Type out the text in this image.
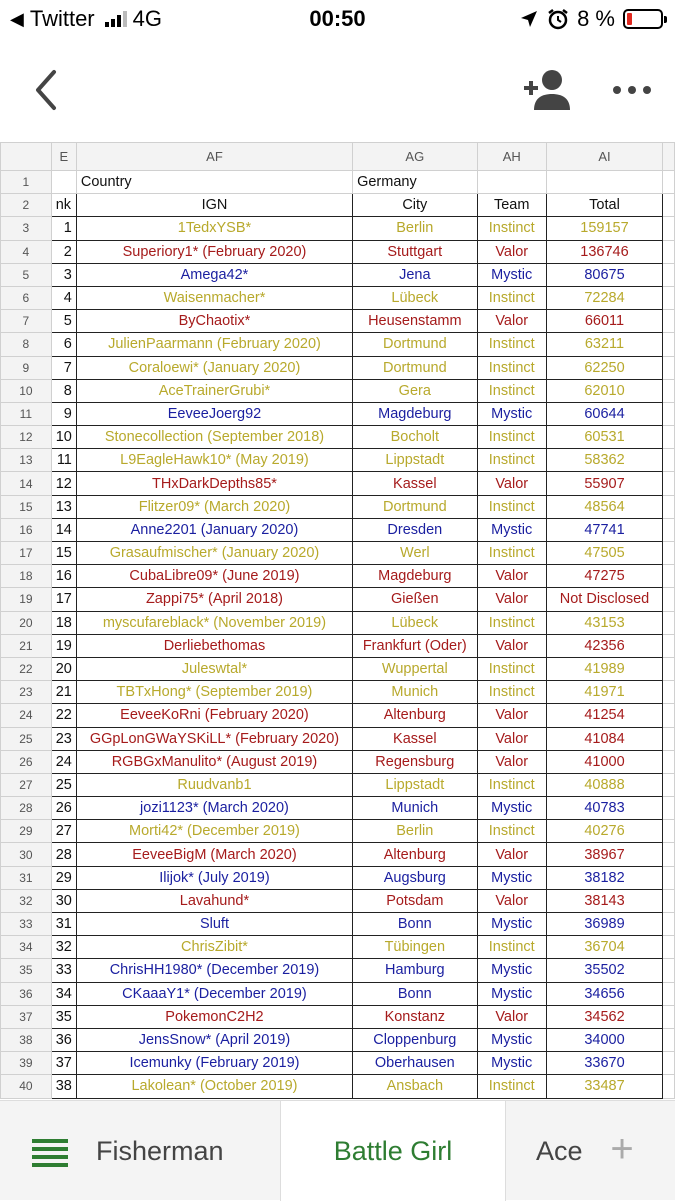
◀ Twitter 4G	00:50	8 %
	E	AF	AG	AH	AI	
1		Country	Germany			
2	nk	IGN	City	Team	Total	
3	1	1TedxYSB*	Berlin	Instinct	159157	
4	2	Superiory1* (February 2020)	Stuttgart	Valor	136746	
5	3	Amega42*	Jena	Mystic	80675	
6	4	Waisenmacher*	Lübeck	Instinct	72284	
7	5	ByChaotix*	Heusenstamm	Valor	66011	
8	6	JulienPaarmann (February 2020)	Dortmund	Instinct	63211	
9	7	Coraloewi* (January 2020)	Dortmund	Instinct	62250	
10	8	AceTrainerGrubi*	Gera	Instinct	62010	
11	9	EeveeJoerg92	Magdeburg	Mystic	60644	
12	10	Stonecollection (September 2018)	Bocholt	Instinct	60531	
13	11	L9EagleHawk10* (May 2019)	Lippstadt	Instinct	58362	
14	12	THxDarkDepths85*	Kassel	Valor	55907	
15	13	Flitzer09* (March 2020)	Dortmund	Instinct	48564	
16	14	Anne2201 (January 2020)	Dresden	Mystic	47741	
17	15	Grasaufmischer* (January 2020)	Werl	Instinct	47505	
18	16	CubaLibre09* (June 2019)	Magdeburg	Valor	47275	
19	17	Zappi75* (April 2018)	Gießen	Valor	Not Disclosed	
20	18	myscufareblack* (November 2019)	Lübeck	Instinct	43153	
21	19	Derliebethomas	Frankfurt (Oder)	Valor	42356	
22	20	Juleswtal*	Wuppertal	Instinct	41989	
23	21	TBTxHong* (September 2019)	Munich	Instinct	41971	
24	22	EeveeKoRni (February 2020)	Altenburg	Valor	41254	
25	23	GGpLonGWaYSKiLL* (February 2020)	Kassel	Valor	41084	
26	24	RGBGxManulito* (August 2019)	Regensburg	Valor	41000	
27	25	Ruudvanb1	Lippstadt	Instinct	40888	
28	26	jozi1123* (March 2020)	Munich	Mystic	40783	
29	27	Morti42* (December 2019)	Berlin	Instinct	40276	
30	28	EeveeBigM (March 2020)	Altenburg	Valor	38967	
31	29	Ilijok* (July 2019)	Augsburg	Mystic	38182	
32	30	Lavahund*	Potsdam	Valor	38143	
33	31	Sluft	Bonn	Mystic	36989	
34	32	ChrisZibit*	Tübingen	Instinct	36704	
35	33	ChrisHH1980* (December 2019)	Hamburg	Mystic	35502	
36	34	CKaaaY1* (December 2019)	Bonn	Mystic	34656	
37	35	PokemonC2H2	Konstanz	Valor	34562	
38	36	JensSnow* (April 2019)	Cloppenburg	Mystic	34000	
39	37	Icemunky (February 2019)	Oberhausen	Mystic	33670	
40	38	Lakolean* (October 2019)	Ansbach	Instinct	33487	
Fisherman	Battle Girl	Ace +
